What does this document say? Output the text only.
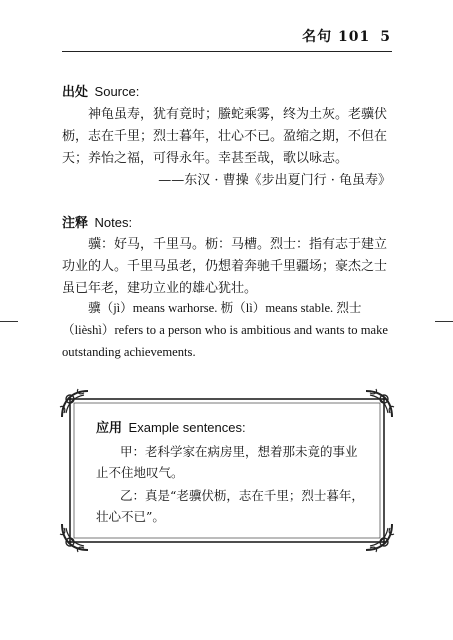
名句 101 5
出处 Source:
神龟虽寿，犹有竟时；螣蛇乘雾，终为土灰。老骥伏枥，志在千里；烈士暮年，壮心不已。盈缩之期，不但在天；养怡之福，可得永年。幸甚至哉，歌以咏志。
——东汉 · 曹操《步出夏门行 · 龟虽寿》
注释 Notes:
骥：好马，千里马。枥：马槽。烈士：指有志于建立功业的人。千里马虽老，仍想着奔驰千里疆场；豪杰之士虽已年老，建功立业的雄心犹壮。
骥（jì）means warhorse. 枥（lì）means stable. 烈士（lièshì）refers to a person who is ambitious and wants to make outstanding achievements.
应用 Example sentences:
甲：老科学家在病房里，想着那未竟的事业止不住地叹气。
乙：真是“老骥伏枥，志在千里；烈士暮年，壮心不已”。
